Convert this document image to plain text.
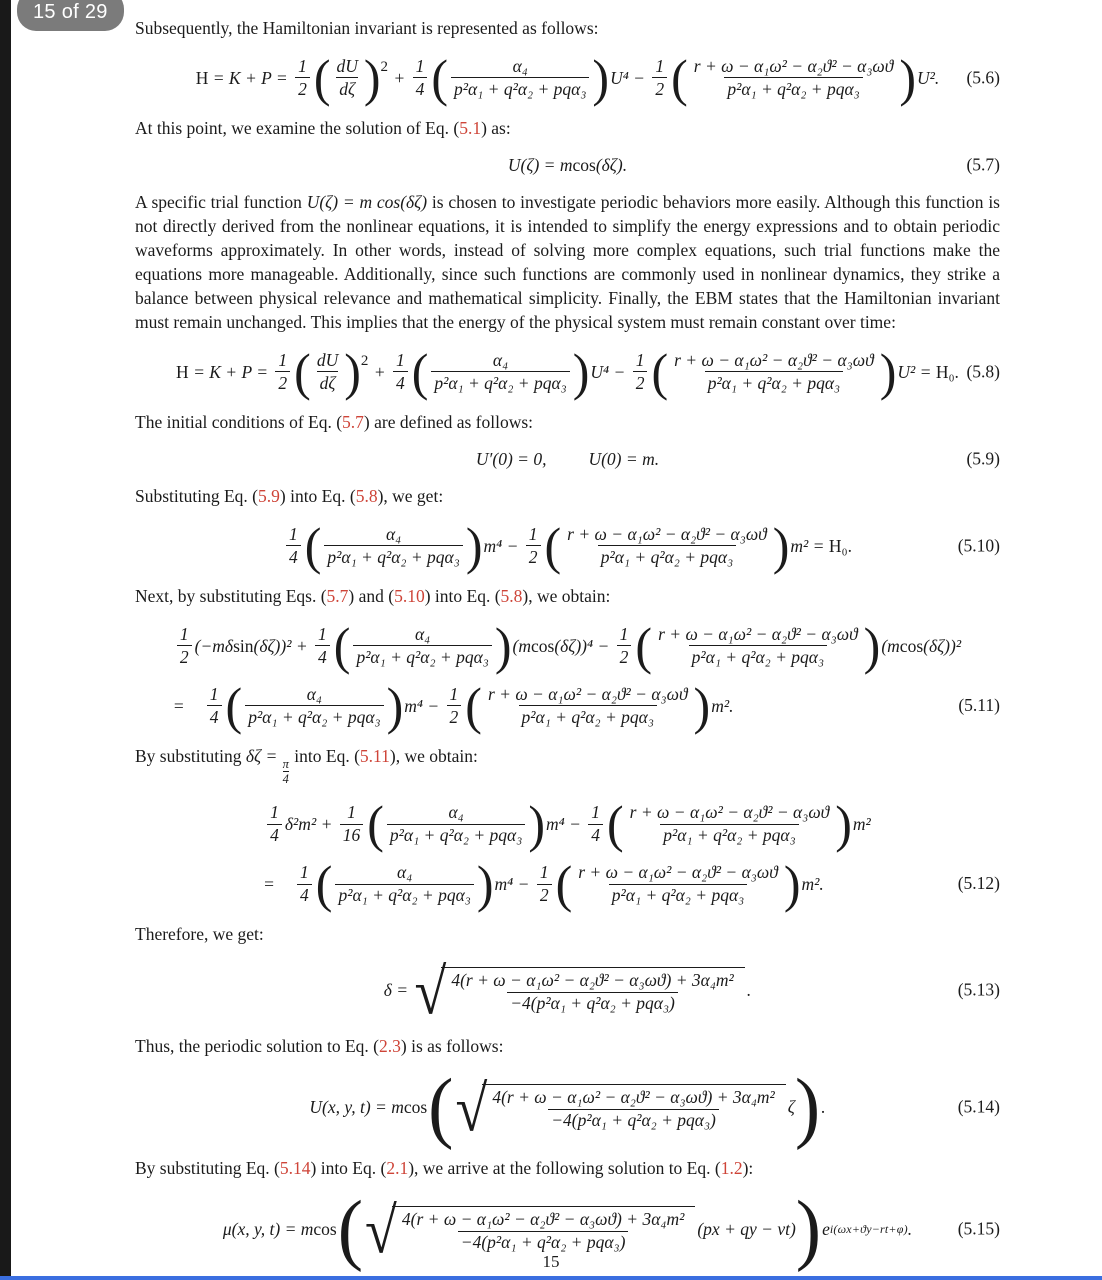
15 of 29

Subsequently, the Hamiltonian invariant is represented as follows:

$H = K + P = \frac{1}{2}$ ( $\frac{dU}{d\zeta}$ ) 2
+ $\frac{1}{4}$ ( $\frac{\text{α₄}}{\text{p²α₁ + q²α₂ + pqα₃}}$ ) $U^4 - \frac{1}{2}$ ( $\frac{\text{r + ω − α₁ω² − α₂ϑ² − α₃ωϑ}}{\text{p²α₁ + q²α₂ + pqα₃}}$ ) U². (5.6)

At this point, we examine the solution of Eq. (5.1) as:

U(ζ) = m cos (δζ).	(5.7)

A specific trial function U(ζ) = m cos(δζ) is chosen to investigate periodic behaviors more easily. Although this function is not directly derived from the nonlinear equations, it is intended to simplify the energy expressions and to obtain periodic waveforms approximately. In other words, instead of solving more complex equations, such trial functions make the equations more manageable. Additionally, since such functions are commonly used in nonlinear dynamics, they strike a balance between physical relevance and mathematical simplicity. Finally, the EBM states that the Hamiltonian invariant must remain unchanged. This implies that the energy of the physical system must remain constant over time:

$H = K + P = \frac{1}{2}$ ( $\frac{dU}{d\zeta}$ ) 2
+ $\frac{1}{4}$ ( $\frac{\text{α₄}}{\text{p²α₁ + q²α₂ + pqα₃}}$ ) $U^4 - \frac{1}{2}$ ( $\frac{\text{r + ω − α₁ω² − α₂ϑ² − α₃ωϑ}}{\text{p²α₁ + q²α₂ + pqα₃}}$ ) U² = H₀. (5.8)

The initial conditions of Eq. (5.7) are defined as follows:

U′(0) = 0, U(0) = m.	(5.9)

Substituting Eq. (5.9) into Eq. (5.8), we get:

$\frac{1}{4}$ ( $\frac{\text{α₄}}{\text{p²α₁ + q²α₂ + pqα₃}}$ ) $m^4 - \frac{1}{2}$ ( $\frac{\text{r + ω − α₁ω² − α₂ϑ² − α₃ωϑ}}{\text{p²α₁ + q²α₂ + pqα₃}}$ ) m² = H₀.	(5.10)

Next, by substituting Eqs. (5.7) and (5.10) into Eq. (5.8), we obtain:

$\frac{1}{2} (-m\delta$ $\sin (\delta\zeta))^2 + \frac{1}{4}$ ( $\frac{\text{α₄}}{\text{p²α₁ + q²α₂ + pqα₃}}$ ) (m $\cos (\delta\zeta))^4 - \frac{1}{2}$ ( $\frac{\text{r + ω − α₁ω² − α₂ϑ² − α₃ωϑ}}{\text{p²α₁ + q²α₂ + pqα₃}}$ ) (m cos (δζ))²
= $\frac{1}{4}$ ( $\frac{\text{α₄}}{\text{p²α₁ + q²α₂ + pqα₃}}$ ) $m^4 - \frac{1}{2}$ ( $\frac{\text{r + ω − α₁ω² − α₂ϑ² − α₃ωϑ}}{\text{p²α₁ + q²α₂ + pqα₃}}$ ) m².	(5.11)

By substituting δζ =
$\frac{\pi}{4}$
into Eq. (5.11), we obtain:

$\frac{1}{4} \delta^2m^2 + \frac{1}{16}$ ( $\frac{\text{α₄}}{\text{p²α₁ + q²α₂ + pqα₃}}$ ) $m^4 - \frac{1}{4}$ ( $\frac{\text{r + ω − α₁ω² − α₂ϑ² − α₃ωϑ}}{\text{p²α₁ + q²α₂ + pqα₃}}$ ) m²
= $\frac{1}{4}$ ( $\frac{\text{α₄}}{\text{p²α₁ + q²α₂ + pqα₃}}$ ) $m^4 - \frac{1}{2}$ ( $\frac{\text{r + ω − α₁ω² − α₂ϑ² − α₃ωϑ}}{\text{p²α₁ + q²α₂ + pqα₃}}$ ) m².	(5.12)

Therefore, we get:

δ = √ $\frac{\text{4(r + ω − α₁ω² − α₂ϑ² − α₃ωϑ) + 3α₄m²}}{\text{−4(p²α₁ + q²α₂ + pqα₃)}}$ .	(5.13)

Thus, the periodic solution to Eq. (2.3) is as follows:

U(x, y, t) = m cos ( √ $\frac{\text{4(r + ω − α₁ω² − α₂ϑ² − α₃ωϑ) + 3α₄m²}}{\text{−4(p²α₁ + q²α₂ + pqα₃)}}$ ζ ) .	(5.14)

By substituting Eq. (5.14) into Eq. (2.1), we arrive at the following solution to Eq. (1.2):

μ(x, y, t) = m cos ( √ $\frac{\text{4(r + ω − α₁ω² − α₂ϑ² − α₃ωϑ) + 3α₄m²}}{\text{−4(p²α₁ + q²α₂ + pqα₃)}} (px$ + qy − vt) ) e i(ωx+ϑy−rt+φ) .	(5.15)
15
